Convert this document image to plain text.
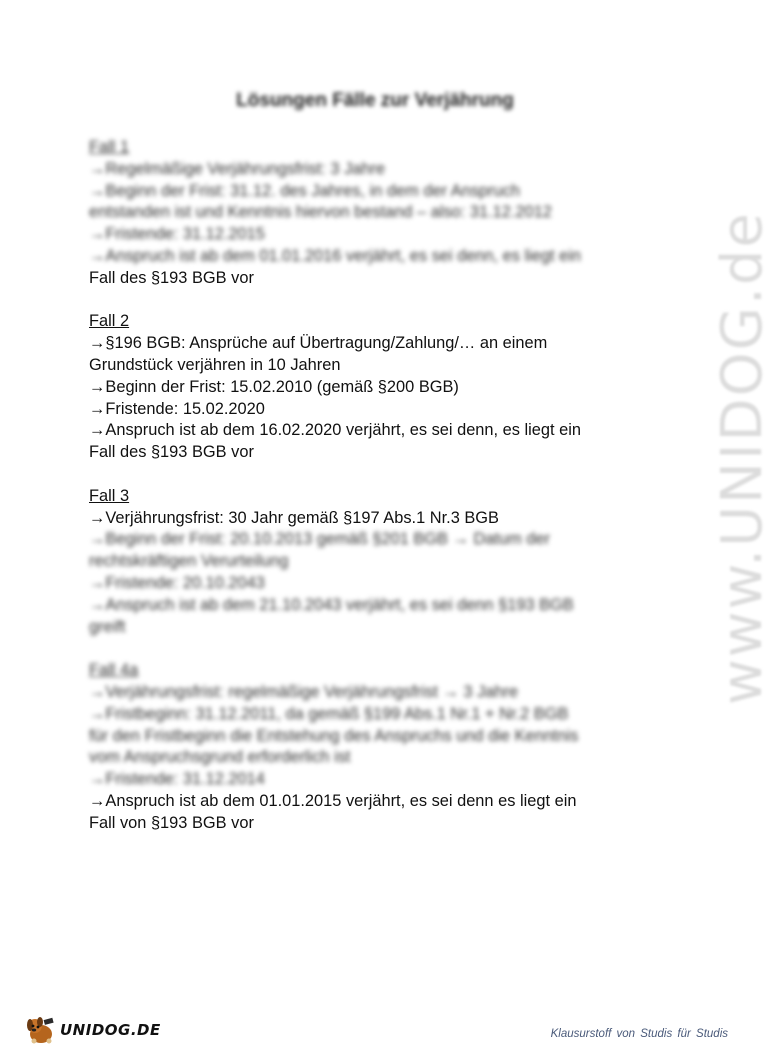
Lösungen Fälle zur Verjährung
Fall 1
→Regelmäßige Verjährungsfrist: 3 Jahre
→Beginn der Frist: 31.12. des Jahres, in dem der Anspruch
entstanden ist und Kenntnis hiervon bestand – also: 31.12.2012
→Fristende: 31.12.2015
→Anspruch ist ab dem 01.01.2016 verjährt, es sei denn, es liegt ein
Fall des §193 BGB vor
Fall 2
→§196 BGB: Ansprüche auf Übertragung/Zahlung/… an einem
Grundstück verjähren in 10 Jahren
→Beginn der Frist: 15.02.2010 (gemäß §200 BGB)
→Fristende: 15.02.2020
→Anspruch ist ab dem 16.02.2020 verjährt, es sei denn, es liegt ein
Fall des §193 BGB vor
Fall 3
→Verjährungsfrist: 30 Jahr gemäß §197 Abs.1 Nr.3 BGB
→Beginn der Frist: 20.10.2013 gemäß §201 BGB → Datum der
rechtskräftigen Verurteilung
→Fristende: 20.10.2043
→Anspruch ist ab dem 21.10.2043 verjährt, es sei denn §193 BGB
greift
Fall 4a
→Verjährungsfrist: regelmäßige Verjährungsfrist → 3 Jahre
→Fristbeginn: 31.12.2011, da gemäß §199 Abs.1 Nr.1 + Nr.2 BGB
für den Fristbeginn die Entstehung des Anspruchs und die Kenntnis
vom Anspruchsgrund erforderlich ist
→Fristende: 31.12.2014
→Anspruch ist ab dem 01.01.2015 verjährt, es sei denn es liegt ein
Fall von §193 BGB vor
www.UNIDOG.de
UNIDOG.DE	Klausurstoff von Studis für Studis
